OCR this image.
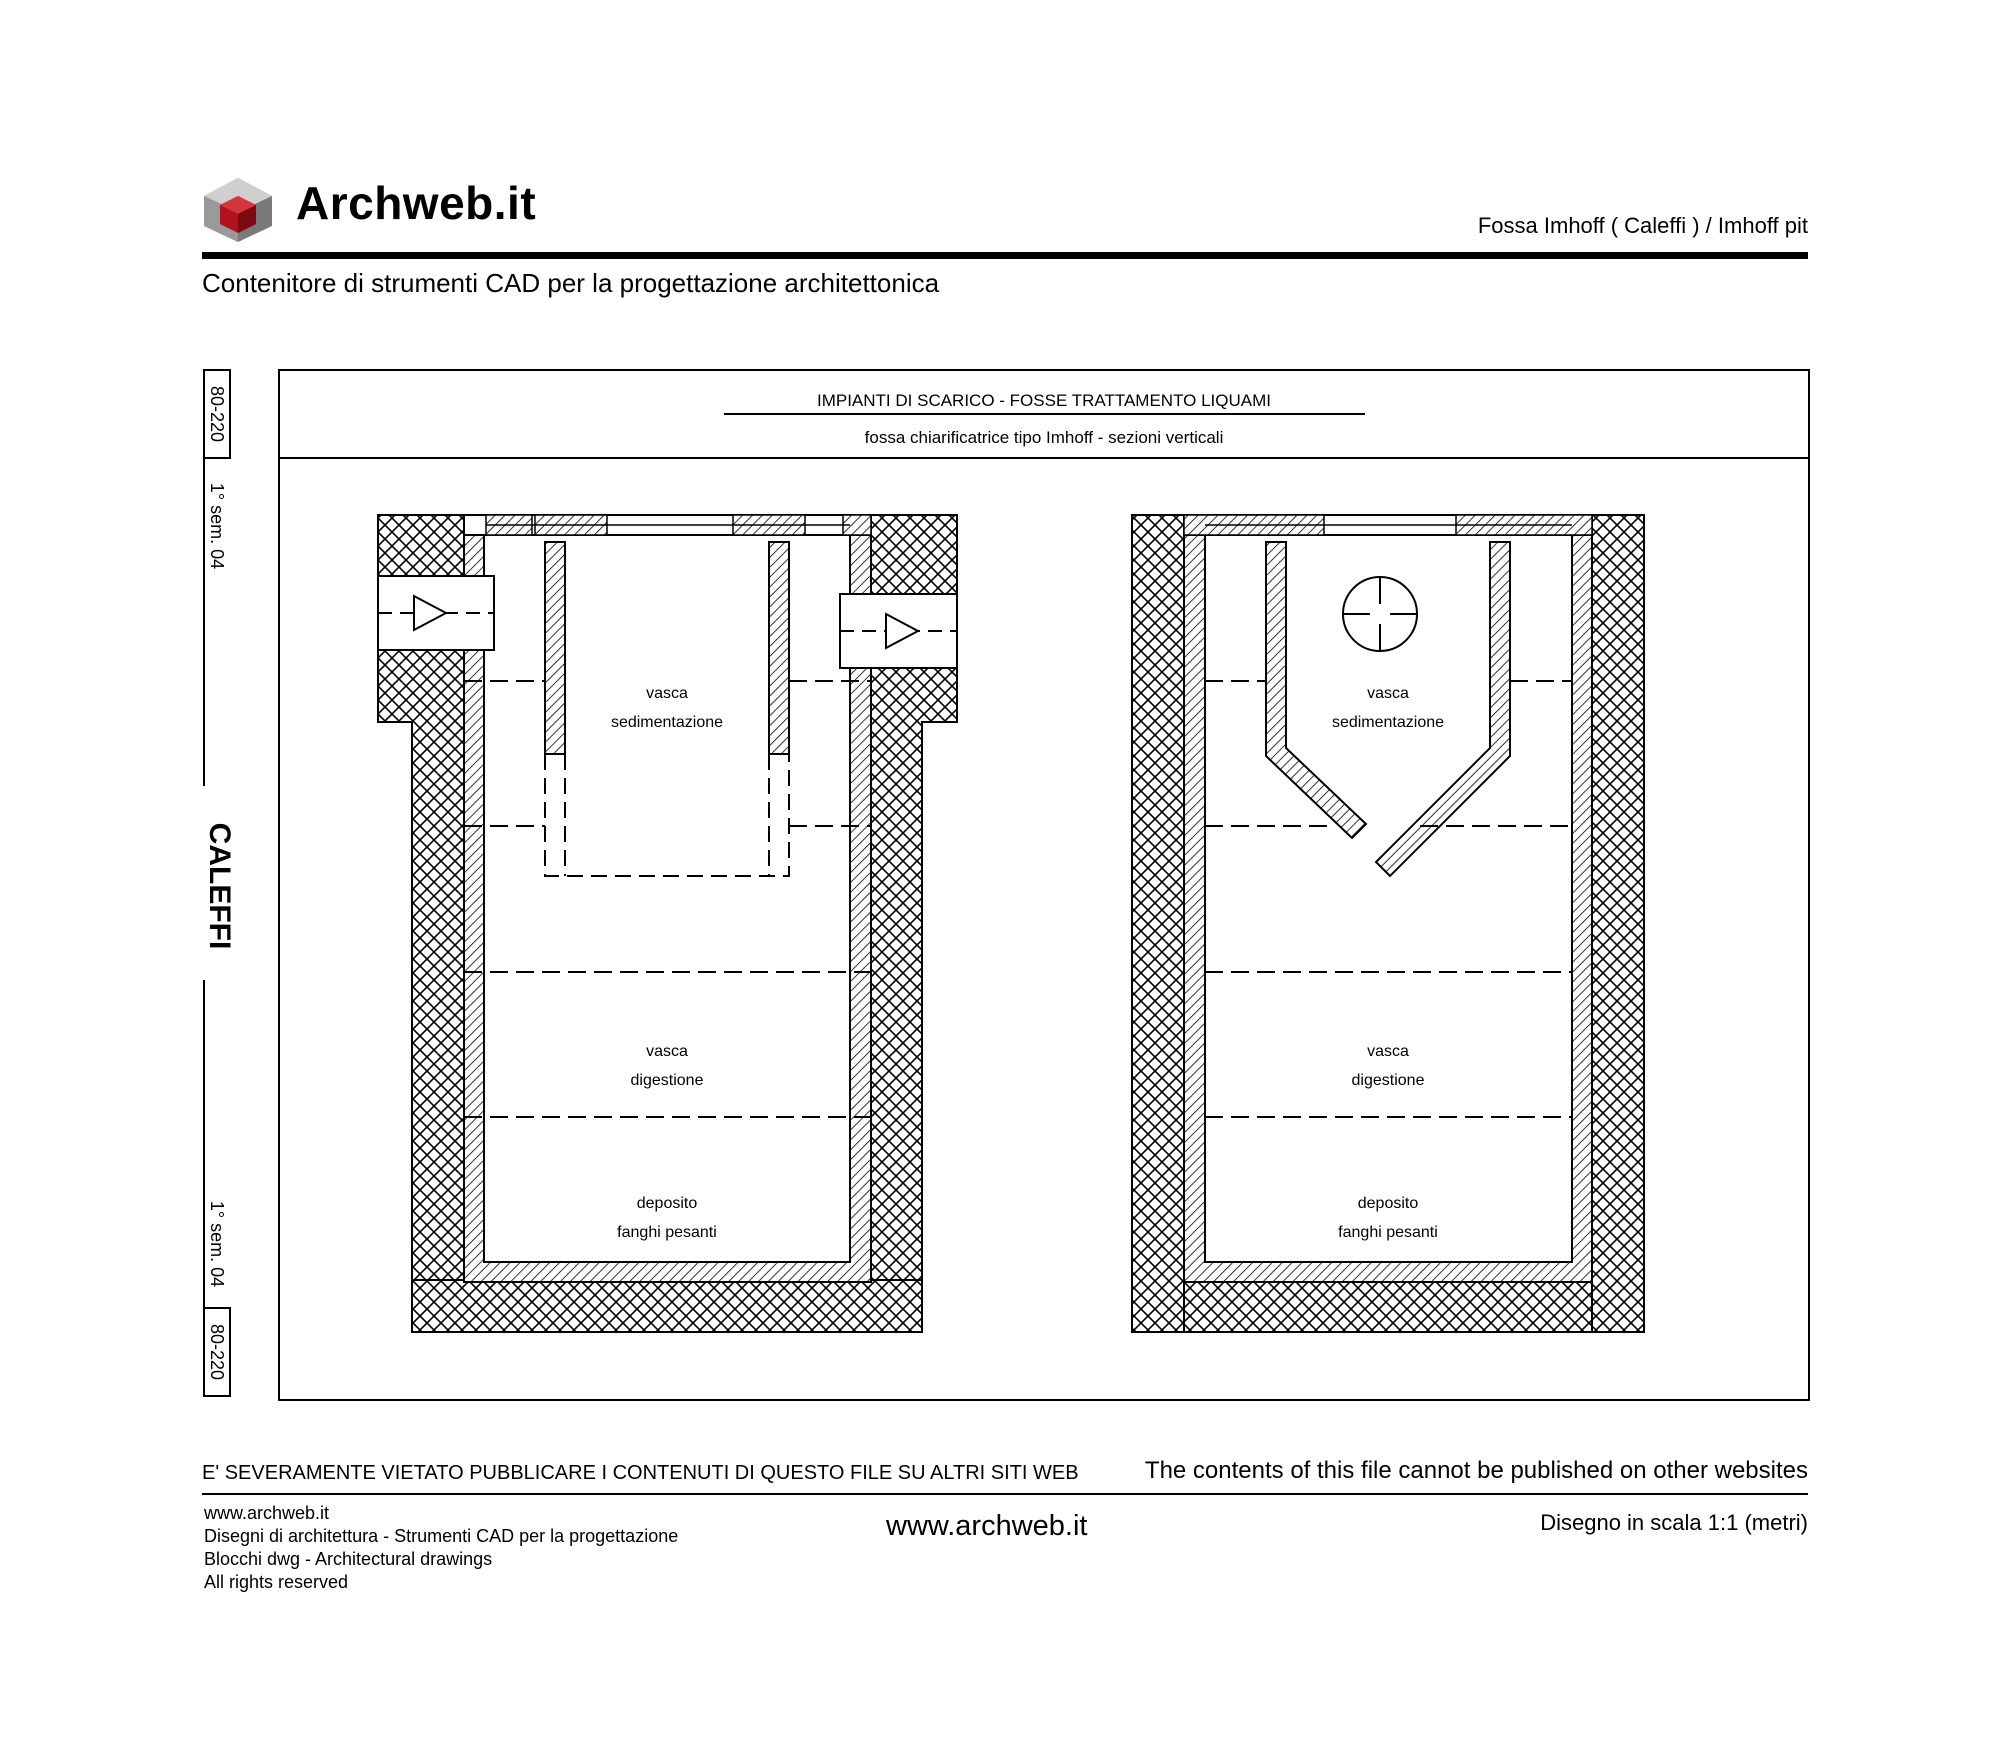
Archweb.it	Fossa Imhoff ( Caleffi ) / Imhoff pit
Contenitore di strumenti CAD per la progettazione architettonica
80-220
1° sem. 04
CALEFFI
1° sem. 04
80-220
IMPIANTI DI SCARICO - FOSSE TRATTAMENTO LIQUAMI
fossa chiarificatrice tipo Imhoff - sezioni verticali
vasca
sedimentazione
vasca
digestione
deposito
fanghi pesanti
vasca
sedimentazione
vasca
digestione
deposito
fanghi pesanti
E' SEVERAMENTE VIETATO PUBBLICARE I CONTENUTI DI QUESTO FILE SU ALTRI SITI WEB	The contents of this file cannot be published on other websites
www.archweb.it
Disegni di architettura - Strumenti CAD per la progettazione
Blocchi dwg - Architectural drawings
All rights reserved
www.archweb.it	Disegno in scala 1:1 (metri)
